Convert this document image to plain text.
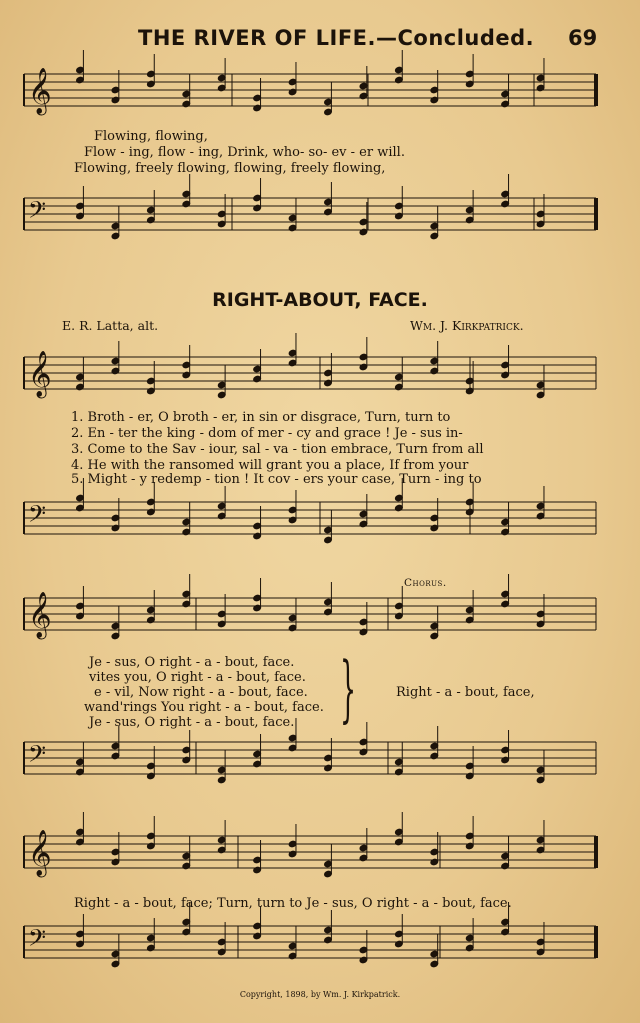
THE RIVER OF LIFE.—Concluded. 69
𝄞
𝄢
𝄞
𝄢
𝄞
𝄢
𝄞
𝄢
Flowing, flowing,
Flow - ing, flow - ing, Drink, who- so- ev - er will.
Flowing, freely flowing, flowing, freely flowing,
RIGHT-ABOUT, FACE.
E. R. Latta, alt.	Wm. J. Kirkpatrick.
1. Broth - er, O broth - er, in sin or disgrace, Turn, turn to
2. En - ter the king - dom of mer - cy and grace ! Je - sus in-
3. Come to the Sav - iour, sal - va - tion embrace, Turn from all
4. He with the ransomed will grant you a place, If from your
5. Might - y redemp - tion ! It cov - ers your case, Turn - ing to
Chorus.
Je - sus, O right - a - bout, face.
vites you, O right - a - bout, face.
e - vil, Now right - a - bout, face.
wand'rings You right - a - bout, face.
Je - sus, O right - a - bout, face. }	Right - a - bout, face,
Right - a - bout, face; Turn, turn to Je - sus, O right - a - bout, face.
Copyright, 1898, by Wm. J. Kirkpatrick.
